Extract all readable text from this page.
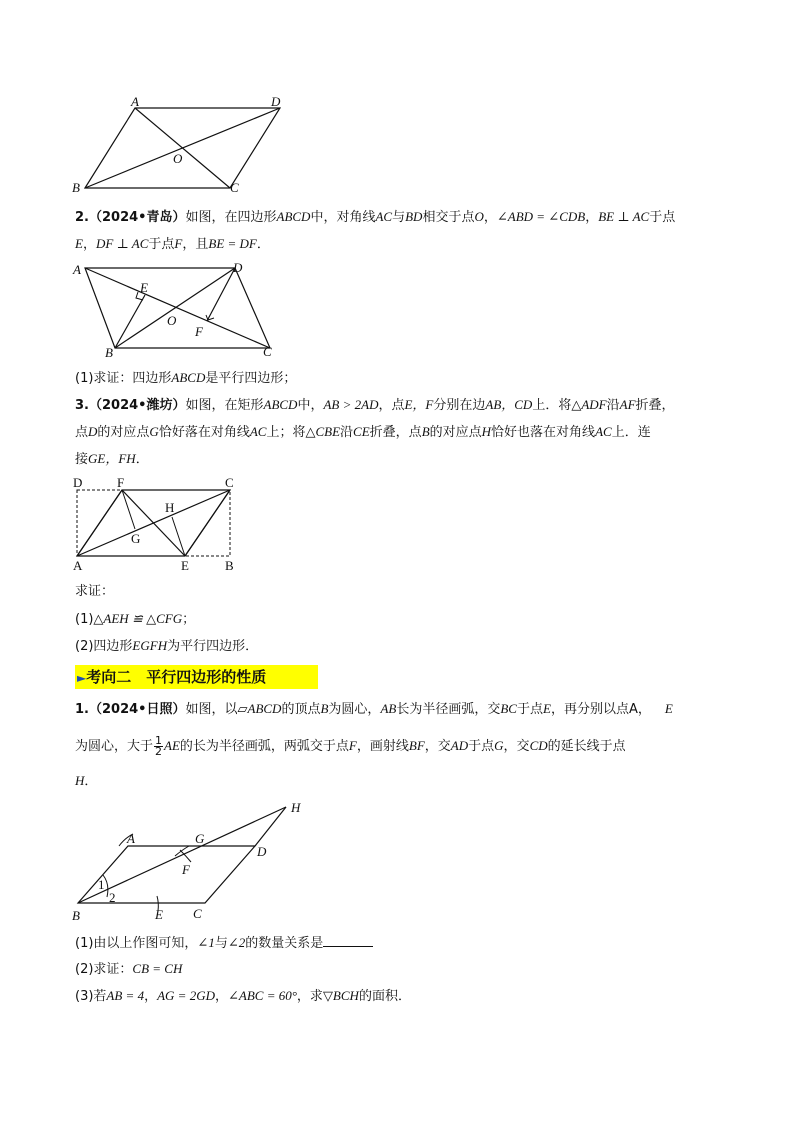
A	D
O
B	C
2.（2024•青岛）如图，在四边形ABCD中，对角线AC与BD相交于点O，∠ABD = ∠CDB，BE ⊥ AC于点
E，DF ⊥ AC于点F，且BE = DF．
A	D
E
O
F
B	C
(1)求证：四边形ABCD是平行四边形；
3.（2024•潍坊）如图，在矩形ABCD中，AB > 2AD，点E，F分别在边AB，CD上．将△ADF沿AF折叠，
点D的对应点G恰好落在对角线AC上；将△CBE沿CE折叠，点B的对应点H恰好也落在对角线AC上．连
接GE，FH．
D	F	C
H
G
A	E	B
求证：
(1)△AEH ≌ △CFG；
(2)四边形EGFH为平行四边形．
►考向二　平行四边形的性质
1.（2024•日照）如图，以▱ABCD的顶点B为圆心，AB长为半径画弧，交BC于点E，再分别以点A， E
为圆心，大于 $\frac{1}{2}$ AE的长为半径画弧，两弧交于点F，画射线BF，交AD于点G，交CD的延长线于点
H．
H
A	G
D
F
1
2
B	E C
(1)由以上作图可知，∠1与∠2的数量关系是
(2)求证：CB = CH
(3)若AB = 4，AG = 2GD，∠ABC = 60°，求▽BCH的面积．
